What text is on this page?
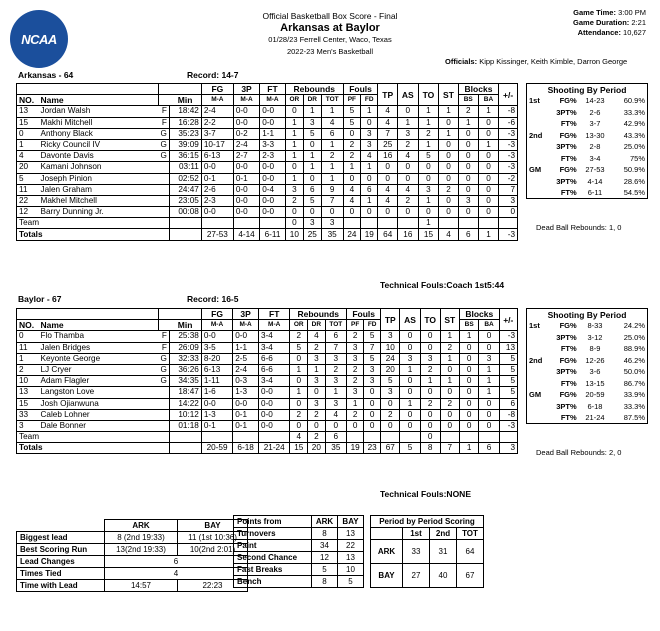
NCAA
Official Basketball Box Score - Final
Arkansas at Baylor
01/28/23 Ferrell Center, Waco, Texas
2022-23 Men's Basketball
Game Time: 3:00 PM
Game Duration: 2:21
Attendance: 10,627
Officials: Kipp Kissinger, Keith Kimble, Darron George
Arkansas - 64	Record: 14-7
				FG	3P	FT	Rebounds			Fouls		TP	AS	TO	ST	Blocks		+/-
NO.	Name		Min	M-A	M-A	M-A	OR	DR	TOT	PF	FD					BS	BA	
13	Jordan Walsh	F	18:42	2-4	0-0	0-0	0	1	1	5	1	4	0	1	1	2	1	-8
15	Makhi Mitchell	F	16:28	2-2	0-0	0-0	1	3	4	5	0	4	1	1	0	1	0	-6
0	Anthony Black	G	35:23	3-7	0-2	1-1	1	5	6	0	3	7	3	2	1	0	0	-3
1	Ricky Council IV	G	39:09	10-17	2-4	3-3	1	0	1	2	3	25	2	1	0	0	1	-3
4	Davonte Davis	G	36:15	6-13	2-7	2-3	1	1	2	2	4	16	4	5	0	0	0	-3
20	Kamani Johnson		03:11	0-0	0-0	0-0	0	1	1	1	1	0	0	0	0	0	0	-3
5	Joseph Pinion		02:52	0-1	0-1	0-0	1	0	1	0	0	0	0	0	0	0	0	-2
11	Jalen Graham		24:47	2-6	0-0	0-4	3	6	9	4	6	4	4	3	2	0	0	7
22	Makhel Mitchell		23:05	2-3	0-0	0-0	2	5	7	4	1	4	2	1	0	3	0	3
12	Barry Dunning Jr.		00:08	0-0	0-0	0-0	0	0	0	0	0	0	0	0	0	0	0	0
Team							0	3	3					1				
Totals				27-53	4-14	6-11	10	25	35	24	19	64	16	15	4	6	1	-3
Technical Fouls:Coach 1st5:44
Shooting By Period			
1st	FG%	14-23	60.9%
	3PT%	2-6	33.3%
	FT%	3-7	42.9%
2nd	FG%	13-30	43.3%
	3PT%	2-8	25.0%
	FT%	3-4	75%
GM	FG%	27-53	50.9%
	3PT%	4-14	28.6%
	FT%	6-11	54.5%
Dead Ball Rebounds: 1, 0
Baylor - 67	Record: 16-5
				FG	3P	FT	Rebounds			Fouls		TP	AS	TO	ST	Blocks		+/-
NO.	Name		Min	M-A	M-A	M-A	OR	DR	TOT	PF	FD					BS	BA	
0	Flo Thamba	F	25:38	0-0	0-0	3-4	2	4	6	2	5	3	0	0	1	1	0	-3
11	Jalen Bridges	F	26:09	3-5	1-1	3-4	5	2	7	3	7	10	0	0	2	0	0	13
1	Keyonte George	G	32:33	8-20	2-5	6-6	0	3	3	3	5	24	3	3	1	0	3	5
2	LJ Cryer	G	36:26	6-13	2-4	6-6	1	1	2	2	3	20	1	2	0	0	1	5
10	Adam Flagler	G	34:35	1-11	0-3	3-4	0	3	3	2	3	5	0	1	1	0	1	5
13	Langston Love		18:47	1-6	1-3	0-0	1	0	1	3	0	3	0	0	0	0	1	5
15	Josh Ojianwuna		14:22	0-0	0-0	0-0	0	3	3	1	0	0	1	2	2	0	0	6
33	Caleb Lohner		10:12	1-3	0-1	0-0	2	2	4	2	0	2	0	0	0	0	0	-8
3	Dale Bonner		01:18	0-1	0-1	0-0	0	0	0	0	0	0	0	0	0	0	0	-3
Team							4	2	6					0				
Totals				20-59	6-18	21-24	15	20	35	19	23	67	5	8	7	1	6	3
Technical Fouls:NONE
Shooting By Period			
1st	FG%	8-33	24.2%
	3PT%	3-12	25.0%
	FT%	8-9	88.9%
2nd	FG%	12-26	46.2%
	3PT%	3-6	50.0%
	FT%	13-15	86.7%
GM	FG%	20-59	33.9%
	3PT%	6-18	33.3%
	FT%	21-24	87.5%
Dead Ball Rebounds: 2, 0
	ARK	BAY
Biggest lead	8 (2nd 19:33)	11 (1st 10:36)
Best Scoring Run	13(2nd 19:33)	10(2nd 2:01)
Lead Changes	6	
Times Tied	4	
Time with Lead	14:57	22:23
Points from	ARK	BAY
Turnovers	8	13
Paint	34	22
Second Chance	12	13
Fast Breaks	5	10
Bench	8	5
Period by Period Scoring			
	1st	2nd	TOT
ARK	33	31	64
BAY	27	40	67
